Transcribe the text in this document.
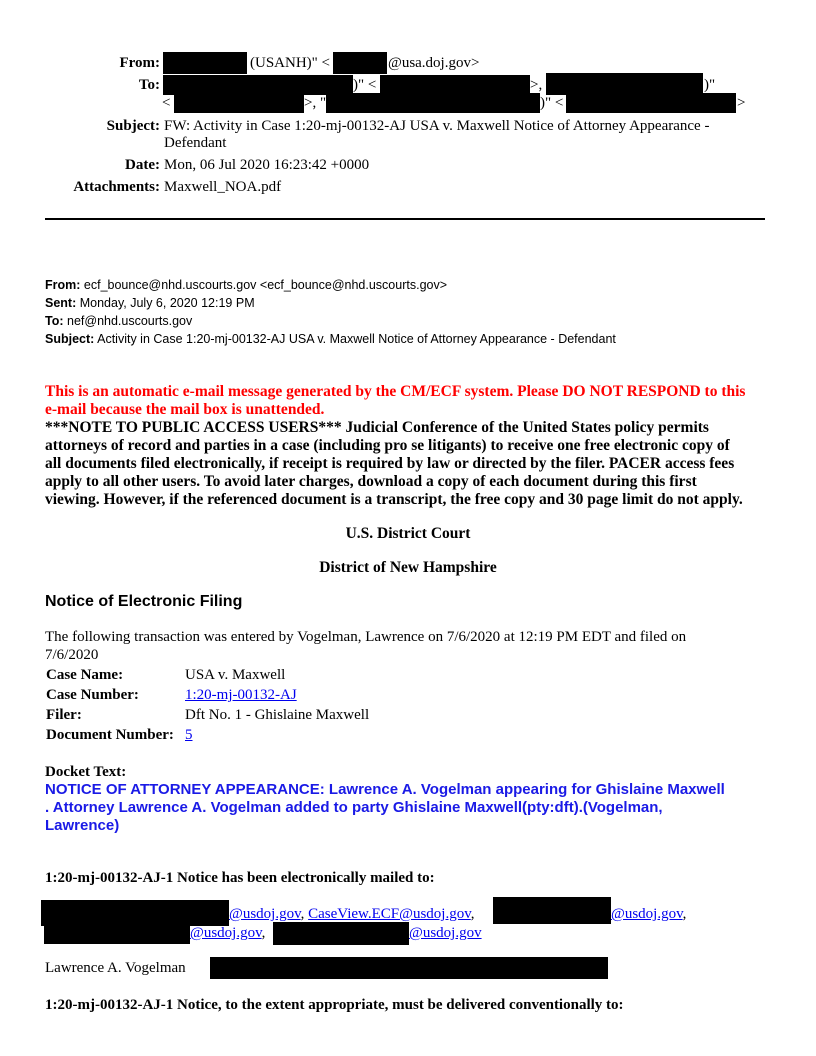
From:	(USANH)" <	@usa.doj.gov>
To:	)" <	>,	)"
<	>, "	)" <	>
Subject: FW: Activity in Case 1:20-mj-00132-AJ USA v. Maxwell Notice of Attorney Appearance -
Defendant
Date: Mon, 06 Jul 2020 16:23:42 +0000
Attachments: Maxwell_NOA.pdf
From: ecf_bounce@nhd.uscourts.gov <ecf_bounce@nhd.uscourts.gov>
Sent: Monday, July 6, 2020 12:19 PM
To: nef@nhd.uscourts.gov
Subject: Activity in Case 1:20-mj-00132-AJ USA v. Maxwell Notice of Attorney Appearance - Defendant
This is an automatic e-mail message generated by the CM/ECF system. Please DO NOT RESPOND to this
e-mail because the mail box is unattended.
***NOTE TO PUBLIC ACCESS USERS*** Judicial Conference of the United States policy permits
attorneys of record and parties in a case (including pro se litigants) to receive one free electronic copy of
all documents filed electronically, if receipt is required by law or directed by the filer. PACER access fees
apply to all other users. To avoid later charges, download a copy of each document during this first
viewing. However, if the referenced document is a transcript, the free copy and 30 page limit do not apply.
U.S. District Court
District of New Hampshire
Notice of Electronic Filing
The following transaction was entered by Vogelman, Lawrence on 7/6/2020 at 12:19 PM EDT and filed on
7/6/2020
Case Name:	USA v. Maxwell
Case Number:	1:20-mj-00132-AJ
Filer:	Dft No. 1 - Ghislaine Maxwell
Document Number: 5
Docket Text:
NOTICE OF ATTORNEY APPEARANCE: Lawrence A. Vogelman appearing for Ghislaine Maxwell
. Attorney Lawrence A. Vogelman added to party Ghislaine Maxwell(pty:dft).(Vogelman,
Lawrence)
1:20-mj-00132-AJ-1 Notice has been electronically mailed to:
@usdoj.gov, CaseView.ECF@usdoj.gov,	@usdoj.gov,
@usdoj.gov,	@usdoj.gov
Lawrence A. Vogelman
1:20-mj-00132-AJ-1 Notice, to the extent appropriate, must be delivered conventionally to:
